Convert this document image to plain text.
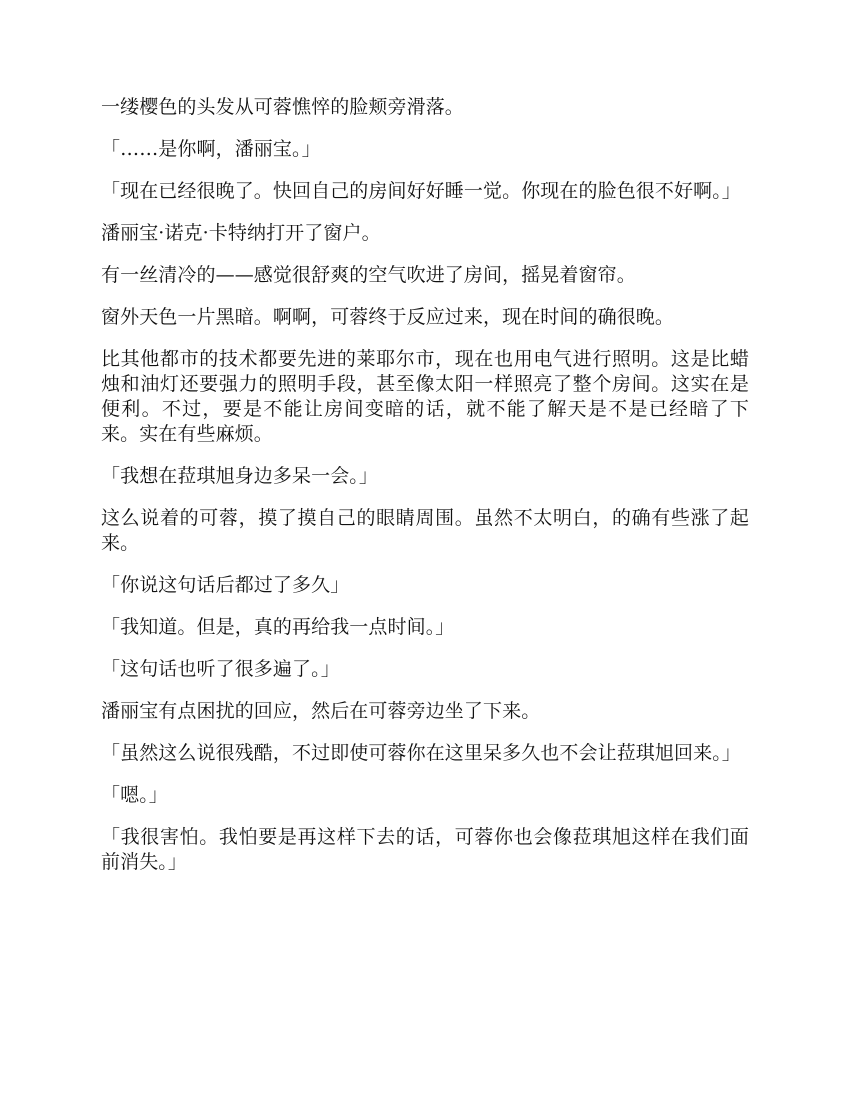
一缕樱色的头发从可蓉憔悴的脸颊旁滑落。

「……是你啊，潘丽宝。」

「现在已经很晚了。快回自己的房间好好睡一觉。你现在的脸色很不好啊。」

潘丽宝·诺克·卡特纳打开了窗户。

有一丝清冷的——感觉很舒爽的空气吹进了房间，摇晃着窗帘。

窗外天色一片黑暗。啊啊，可蓉终于反应过来，现在时间的确很晚。

比其他都市的技术都要先进的莱耶尔市，现在也用电气进行照明。这是比蜡烛和油灯还要强力的照明手段，甚至像太阳一样照亮了整个房间。这实在是便利。不过，要是不能让房间变暗的话，就不能了解天是不是已经暗了下来。实在有些麻烦。

「我想在菈琪旭身边多呆一会。」

这么说着的可蓉，摸了摸自己的眼睛周围。虽然不太明白，的确有些涨了起来。

「你说这句话后都过了多久」

「我知道。但是，真的再给我一点时间。」

「这句话也听了很多遍了。」

潘丽宝有点困扰的回应，然后在可蓉旁边坐了下来。

「虽然这么说很残酷，不过即使可蓉你在这里呆多久也不会让菈琪旭回来。」

「嗯。」

「我很害怕。我怕要是再这样下去的话，可蓉你也会像菈琪旭这样在我们面前消失。」
